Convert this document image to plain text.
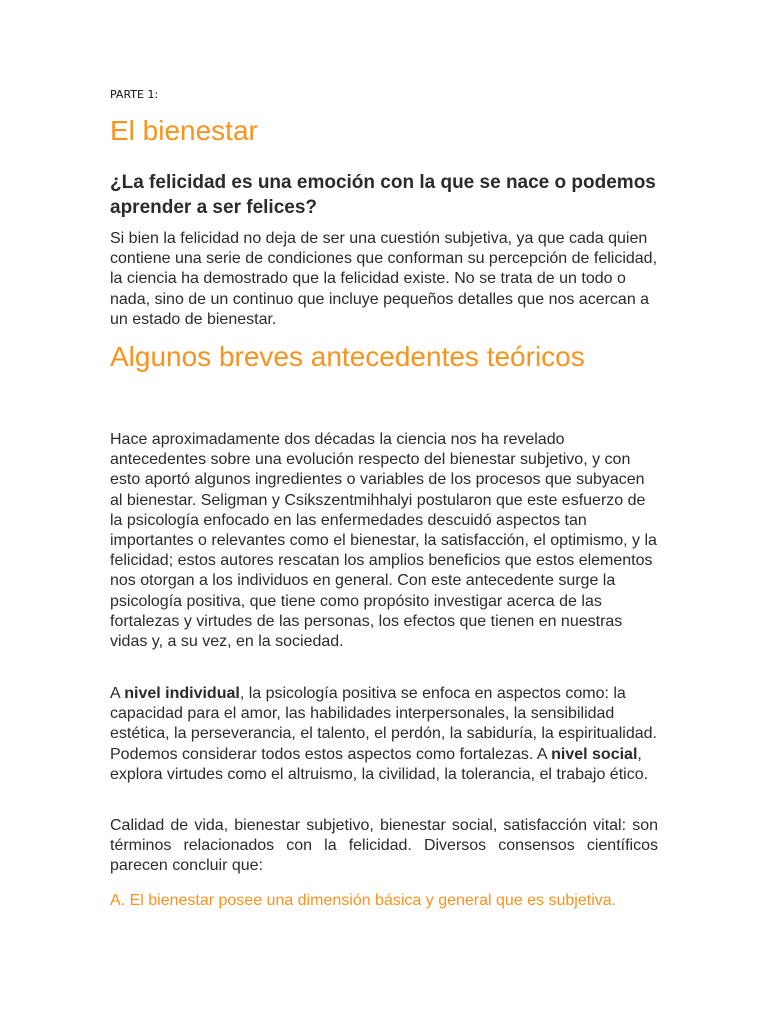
PARTE 1:
El bienestar
¿La felicidad es una emoción con la que se nace o podemos aprender a ser felices?

Si bien la felicidad no deja de ser una cuestión subjetiva, ya que cada quien contiene una serie de condiciones que conforman su percepción de felicidad, la ciencia ha demostrado que la felicidad existe. No se trata de un todo o nada, sino de un continuo que incluye pequeños detalles que nos acercan a un estado de bienestar.

Algunos breves antecedentes teóricos

Hace aproximadamente dos décadas la ciencia nos ha revelado antecedentes sobre una evolución respecto del bienestar subjetivo, y con esto aportó algunos ingredientes o variables de los procesos que subyacen al bienestar. Seligman y Csikszentmihhalyi postularon que este esfuerzo de la psicología enfocado en las enfermedades descuidó aspectos tan importantes o relevantes como el bienestar, la satisfacción, el optimismo, y la felicidad; estos autores rescatan los amplios beneficios que estos elementos nos otorgan a los individuos en general. Con este antecedente surge la psicología positiva, que tiene como propósito investigar acerca de las fortalezas y virtudes de las personas, los efectos que tienen en nuestras vidas y, a su vez, en la sociedad.

A nivel individual, la psicología positiva se enfoca en aspectos como: la capacidad para el amor, las habilidades interpersonales, la sensibilidad estética, la perseverancia, el talento, el perdón, la sabiduría, la espiritualidad. Podemos considerar todos estos aspectos como fortalezas. A nivel social, explora virtudes como el altruismo, la civilidad, la tolerancia, el trabajo ético.

Calidad de vida, bienestar subjetivo, bienestar social, satisfacción vital: son términos relacionados con la felicidad. Diversos consensos científicos parecen concluir que:

A. El bienestar posee una dimensión básica y general que es subjetiva.
